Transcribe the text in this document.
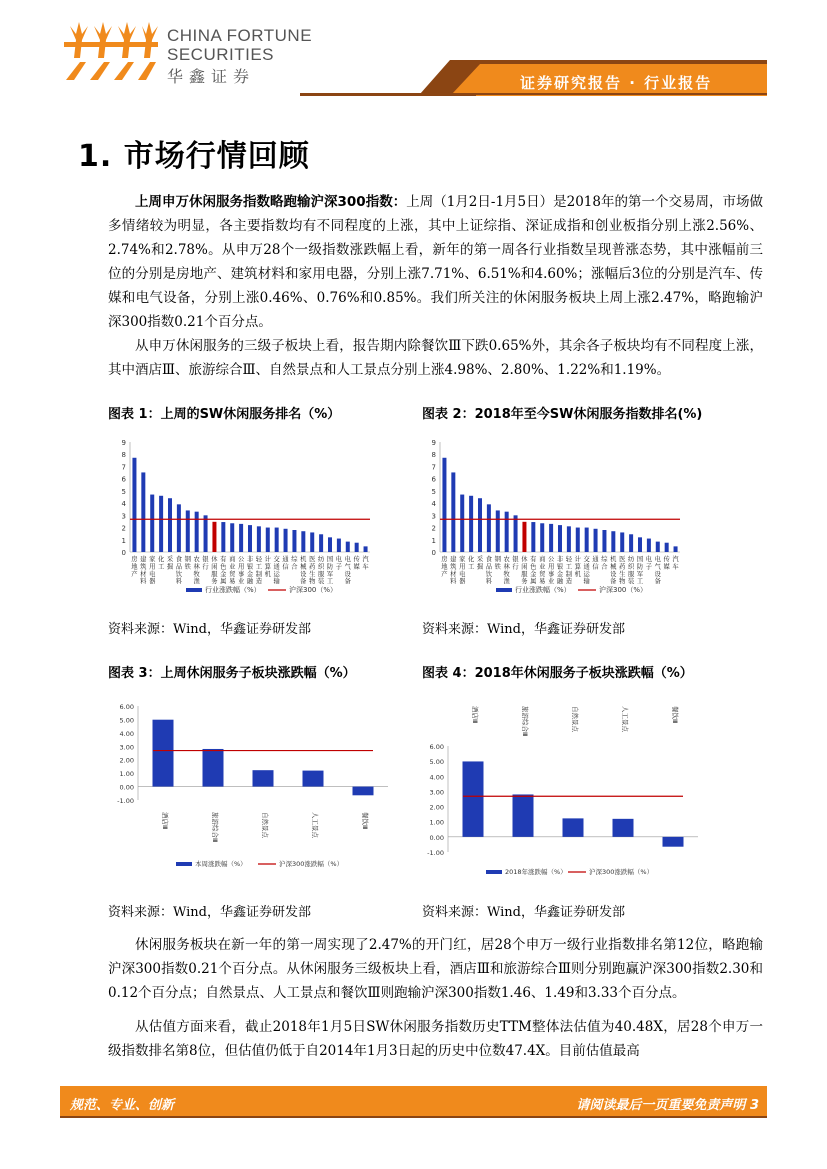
CHINA FORTUNE
SECURITIES
华鑫证券	证券研究报告 · 行业报告
1. 市场行情回顾
上周申万休闲服务指数略跑输沪深300指数：上周（1月2日-1月5日）是2018年的第一个交易周，市场做多情绪较为明显，各主要指数均有不同程度的上涨，其中上证综指、深证成指和创业板指分别上涨2.56%、2.74%和2.78%。从申万28个一级指数涨跌幅上看，新年的第一周各行业指数呈现普涨态势，其中涨幅前三位的分别是房地产、建筑材料和家用电器，分别上涨7.71%、6.51%和4.60%；涨幅后3位的分别是汽车、传媒和电气设备，分别上涨0.46%、0.76%和0.85%。我们所关注的休闲服务板块上周上涨2.47%，略跑输沪深300指数0.21个百分点。
从申万休闲服务的三级子板块上看，报告期内除餐饮Ⅲ下跌0.65%外，其余各子板块均有不同程度上涨，其中酒店Ⅲ、旅游综合Ⅲ、自然景点和人工景点分别上涨4.98%、2.80%、1.22%和1.19%。
图表 1：上周的SW休闲服务排名（%）	图表 2：2018年至今SW休闲服务指数排名(%)
0
1
2
3
4
5
6
7
8
9
房地产
建筑材料
家用电器
化工
采掘
食品饮料
钢铁
农林牧渔
银行
休闲服务
有色金属
商业贸易
公用事业
非银金融
轻工制造
计算机
交通运输
通信
综合
机械设备
医药生物
纺织服装
国防军工
电子
电气设备
传媒
汽车
行业涨跌幅（%）	沪深300（%）
0
1
2
3
4
5
6
7
8
9
房地产
建筑材料
家用电器
化工
采掘
食品饮料
钢铁
农林牧渔
银行
休闲服务
有色金属
商业贸易
公用事业
非银金融
轻工制造
计算机
交通运输
通信
综合
机械设备
医药生物
纺织服装
国防军工
电子
电气设备
传媒
汽车
行业涨跌幅（%）	沪深300（%）
资料来源：Wind，华鑫证券研发部	资料来源：Wind，华鑫证券研发部
图表 3：上周休闲服务子板块涨跌幅（%）	图表 4：2018年休闲服务子板块涨跌幅（%）
6.00
5.00
4.00
3.00
2.00
1.00
0.00
-1.00
酒店Ⅲ	旅游综合Ⅲ	自然景点	人工景点	餐饮Ⅲ
本周涨跌幅（%）	沪深300涨跌幅（%）
6.00
5.00
4.00
3.00
2.00
1.00
0.00
-1.00
酒店Ⅲ	旅游综合Ⅲ	自然景点	人工景点	餐饮Ⅲ
2018年涨跌幅（%）	沪深300涨跌幅（%）
资料来源：Wind，华鑫证券研发部	资料来源：Wind，华鑫证券研发部
休闲服务板块在新一年的第一周实现了2.47%的开门红，居28个申万一级行业指数排名第12位，略跑输沪深300指数0.21个百分点。从休闲服务三级板块上看，酒店Ⅲ和旅游综合Ⅲ则分别跑赢沪深300指数2.30和0.12个百分点；自然景点、人工景点和餐饮Ⅲ则跑输沪深300指数1.46、1.49和3.33个百分点。
从估值方面来看，截止2018年1月5日SW休闲服务指数历史TTM整体法估值为40.48X，居28个申万一级指数排名第8位，但估值仍低于自2014年1月3日起的历史中位数47.4X。目前估值最高
规范、专业、创新	请阅读最后一页重要免责声明 3
